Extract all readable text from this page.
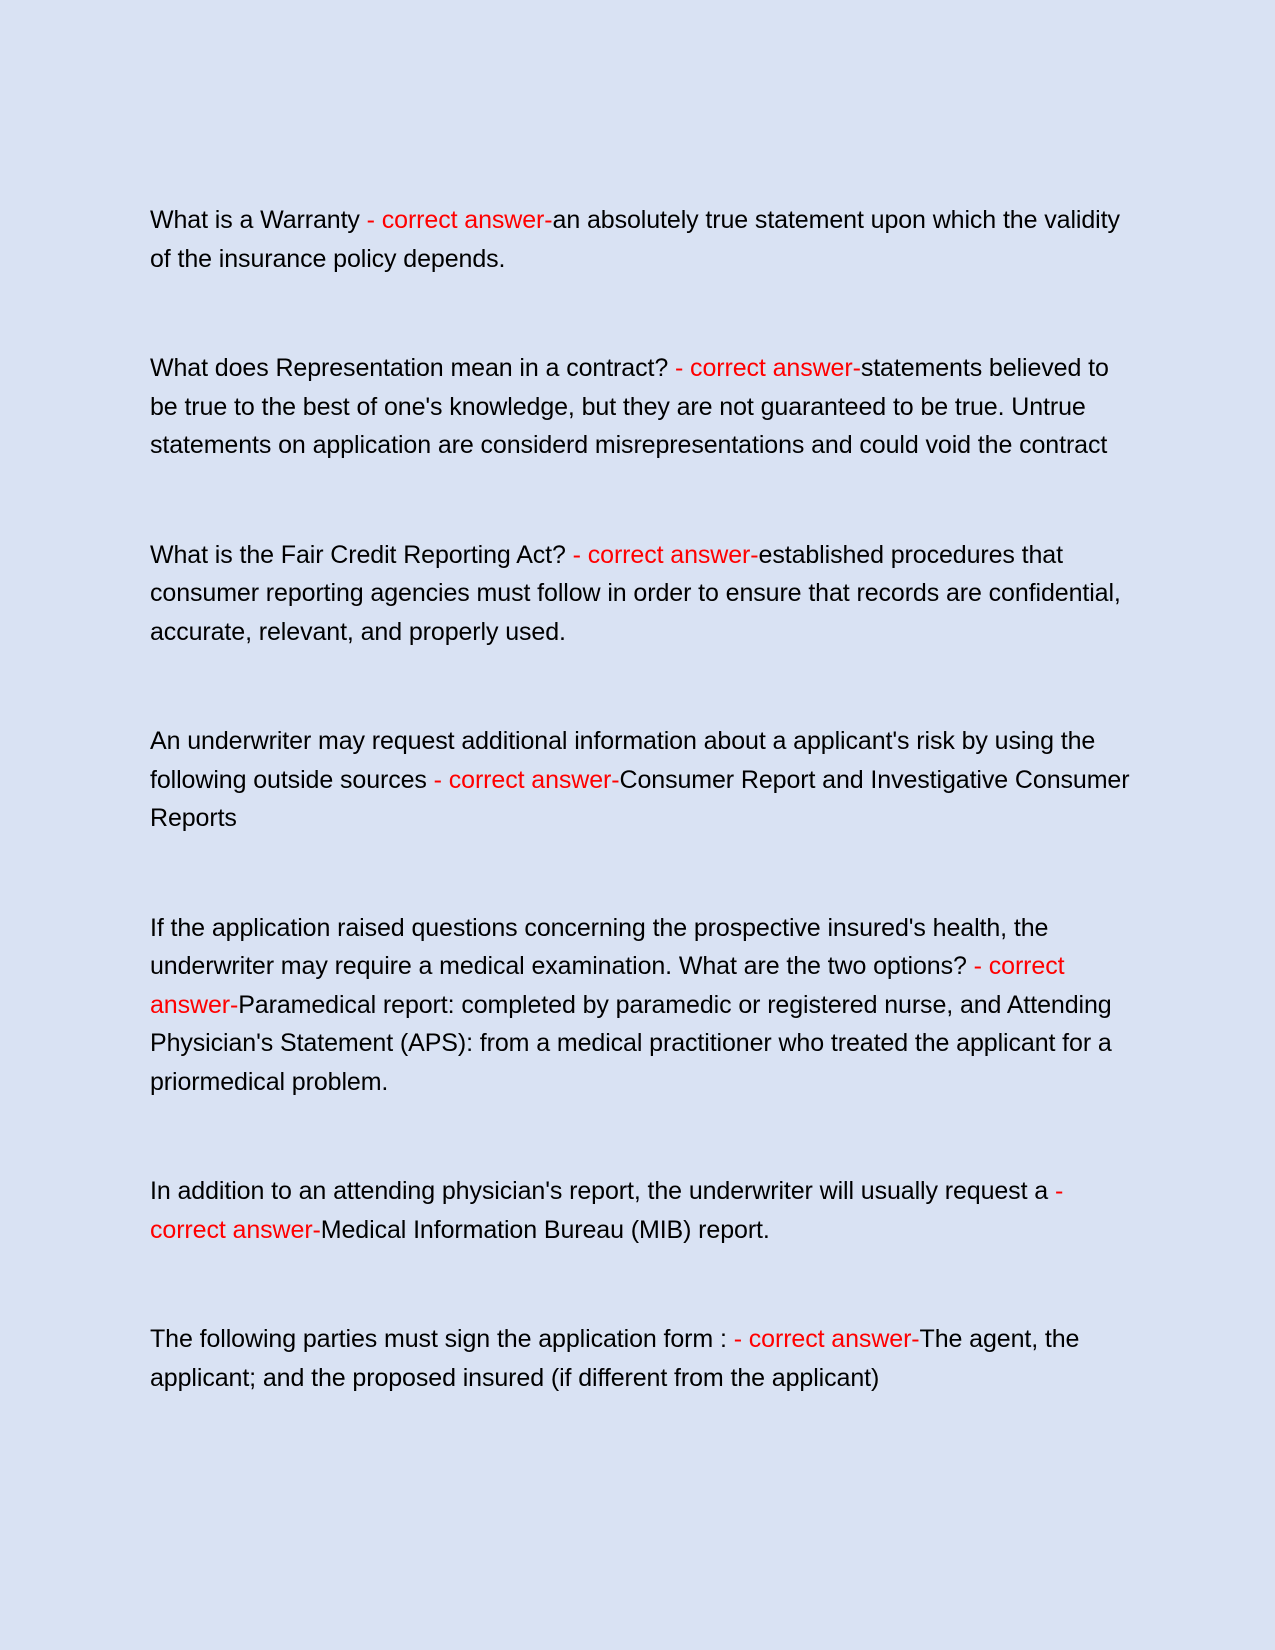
What is a Warranty - correct answer-an absolutely true statement upon which the validity of the insurance policy depends.

What does Representation mean in a contract? - correct answer-statements believed to be true to the best of one's knowledge, but they are not guaranteed to be true. Untrue statements on application are considerd misrepresentations and could void the contract

What is the Fair Credit Reporting Act? - correct answer-established procedures that consumer reporting agencies must follow in order to ensure that records are confidential, accurate, relevant, and properly used.

An underwriter may request additional information about a applicant's risk by using the following outside sources - correct answer-Consumer Report and Investigative Consumer Reports

If the application raised questions concerning the prospective insured's health, the underwriter may require a medical examination. What are the two options? - correct answer-Paramedical report: completed by paramedic or registered nurse, and Attending Physician's Statement (APS): from a medical practitioner who treated the applicant for a priormedical problem.

In addition to an attending physician's report, the underwriter will usually request a - correct answer-Medical Information Bureau (MIB) report.

The following parties must sign the application form : - correct answer-The agent, the applicant; and the proposed insured (if different from the applicant)
